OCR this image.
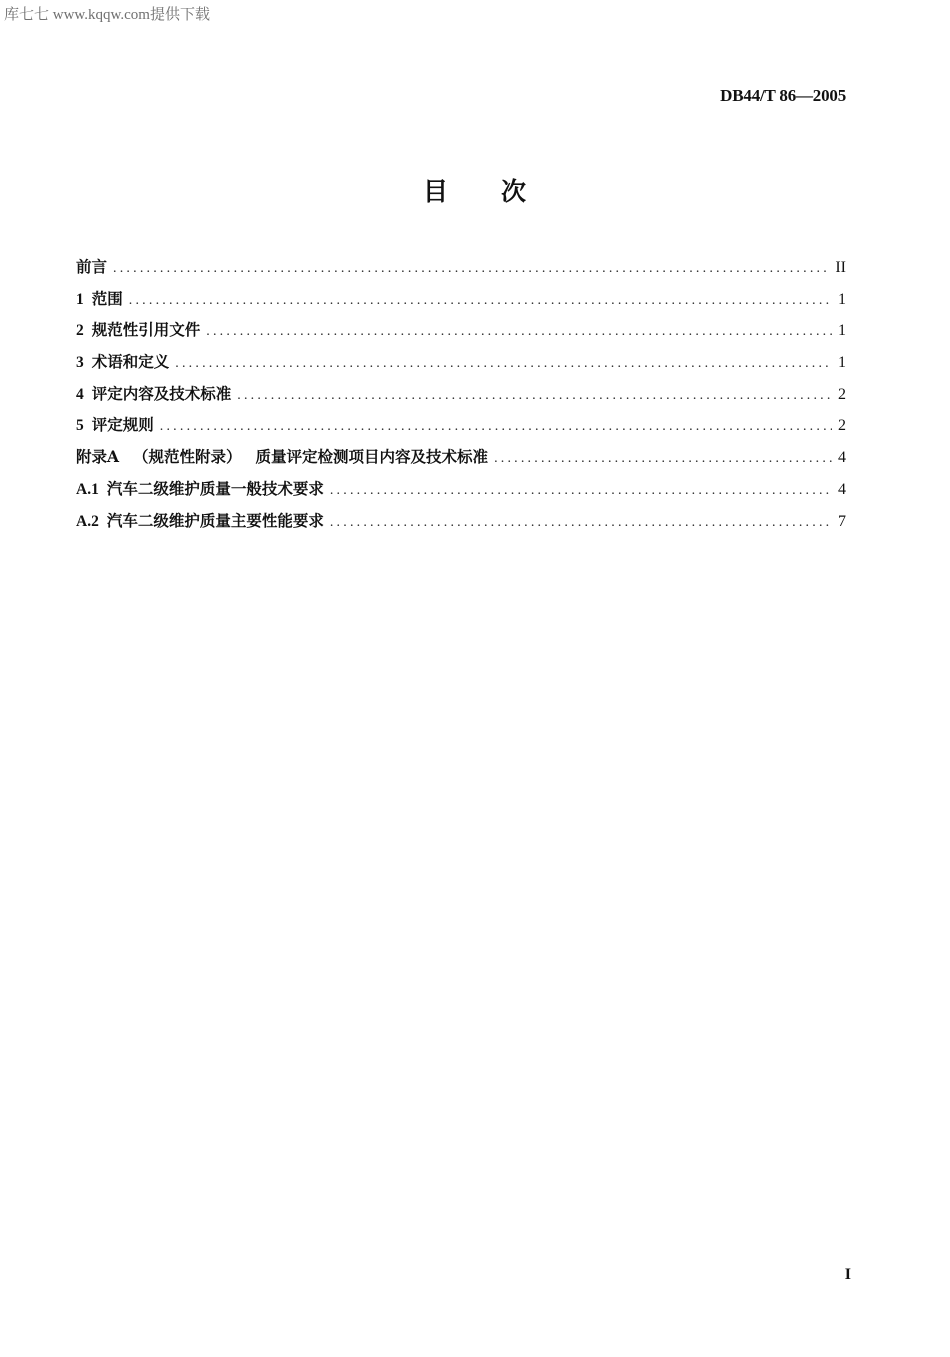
库七七 www.kqqw.com提供下载
DB44/T 86—2005
目 次
前言 .....	II
1 范围 .....	1
2 规范性引用文件 .....	1
3 术语和定义 .....	1
4 评定内容及技术标准 .....	2
5 评定规则 .....	2
附录A （规范性附录） 质量评定检测项目内容及技术标准 .....	4
A.1 汽车二级维护质量一般技术要求 .....	4
A.2 汽车二级维护质量主要性能要求 .....	7
I
